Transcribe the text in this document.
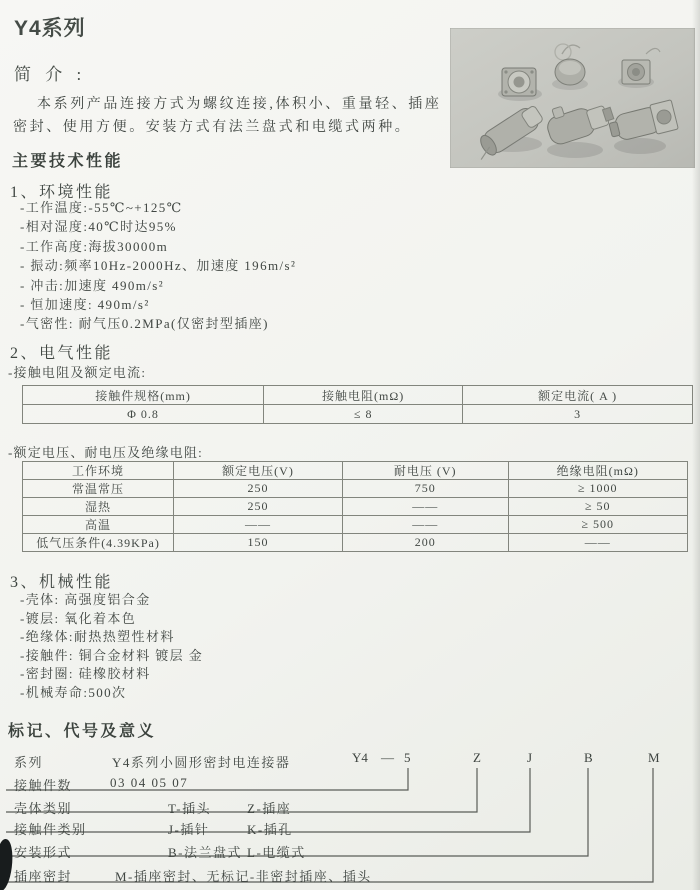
Y4系列
简 介 :
本系列产品连接方式为螺纹连接,体积小、重量轻、插座
密封、使用方便。安装方式有法兰盘式和电缆式两种。
主要技术性能
1、环境性能
-工作温度:-55℃~+125℃
-相对湿度:40℃时达95%
-工作高度:海拔30000m
- 振动:频率10Hz-2000Hz、加速度 196m/s²
- 冲击:加速度 490m/s²
- 恒加速度: 490m/s²
-气密性: 耐气压0.2MPa(仅密封型插座)
2、电气性能
-接触电阻及额定电流:
接触件规格(mm)	接触电阻(mΩ)	额定电流( A )
Φ 0.8	≤ 8	3
-额定电压、耐电压及绝缘电阻:
工作环境	额定电压(V)	耐电压 (V)	绝缘电阻(mΩ)
常温常压	250	750	≥ 1000
湿热	250	——	≥ 50
高温	——	——	≥ 500
低气压条件(4.39KPa)	150	200	——
3、机械性能
-壳体: 高强度铝合金
-镀层: 氧化着本色
-绝缘体:耐热热塑性材料
-接触件: 铜合金材料 镀层 金
-密封圈: 硅橡胶材料
-机械寿命:500次
标记、代号及意义
Y4 — 5	Z	J	B	M
系列	Y4系列小圆形密封电连接器
接触件数	03 04 05 07
壳体类别	T-插头	Z-插座
接触件类别	J-插针	K-插孔
安装形式	B-法兰盘式 L-电缆式
插座密封	M-插座密封、无标记-非密封插座、插头
